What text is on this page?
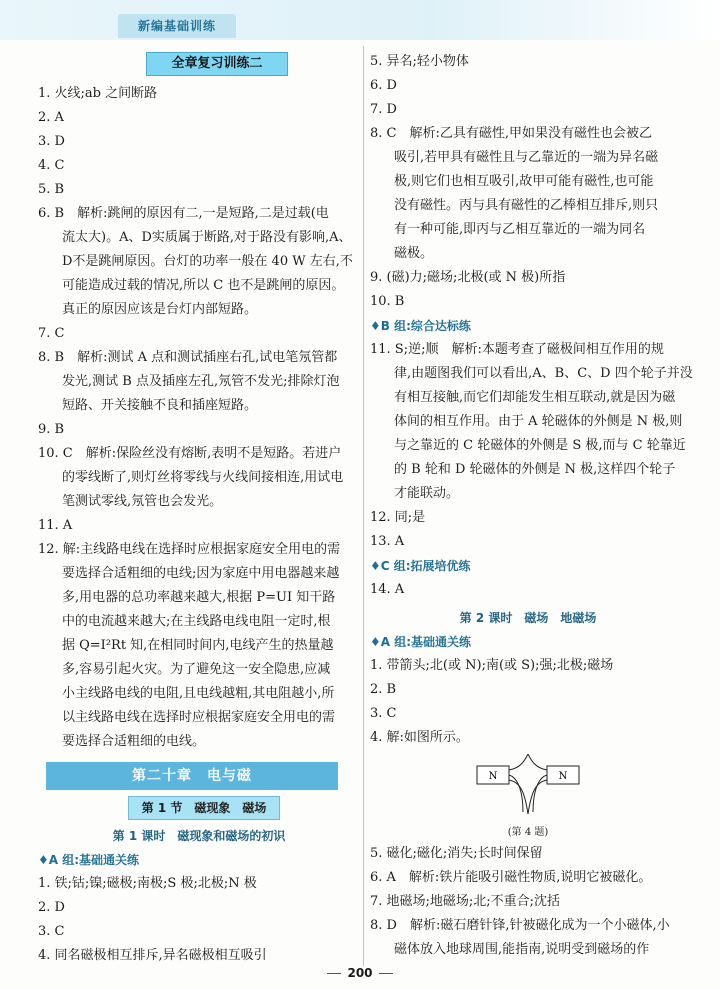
新编基础训练
全章复习训练二
1. 火线;ab 之间断路
2. A
3. D
4. C
5. B
6. B　解析:跳闸的原因有二,一是短路,二是过载(电
流太大)。A、D实质属于断路,对于路没有影响,A、
D不是跳闸原因。台灯的功率一般在 40 W 左右,不
可能造成过载的情况,所以 C 也不是跳闸的原因。
真正的原因应该是台灯内部短路。
7. C
8. B　解析:测试 A 点和测试插座右孔,试电笔氖管都
发光,测试 B 点及插座左孔,氖管不发光;排除灯泡
短路、开关接触不良和插座短路。
9. B
10. C　解析:保险丝没有熔断,表明不是短路。若进户
的零线断了,则灯丝将零线与火线间接相连,用试电
笔测试零线,氖管也会发光。
11. A
12. 解:主线路电线在选择时应根据家庭安全用电的需
要选择合适粗细的电线;因为家庭中用电器越来越
多,用电器的总功率越来越大,根据 P=UI 知干路
中的电流越来越大;在主线路电线电阻一定时,根
据 Q=I²Rt 知,在相同时间内,电线产生的热量越
多,容易引起火灾。为了避免这一安全隐患,应减
小主线路电线的电阻,且电线越粗,其电阻越小,所
以主线路电线在选择时应根据家庭安全用电的需
要选择合适粗细的电线。
第二十章　电与磁
第 1 节　磁现象　磁场
第 1 课时　磁现象和磁场的初识
♦A 组:基础通关练
1. 铁;钴;镍;磁极;南极;S 极;北极;N 极
2. D
3. C
4. 同名磁极相互排斥,异名磁极相互吸引
5. 异名;轻小物体
6. D
7. D
8. C　解析:乙具有磁性,甲如果没有磁性也会被乙
吸引,若甲具有磁性且与乙靠近的一端为异名磁
极,则它们也相互吸引,故甲可能有磁性,也可能
没有磁性。丙与具有磁性的乙棒相互排斥,则只
有一种可能,即丙与乙相互靠近的一端为同名
磁极。
9. (磁)力;磁场;北极(或 N 极)所指
10. B
♦B 组:综合达标练
11. S;逆;顺　解析:本题考查了磁极间相互作用的规
律,由题图我们可以看出,A、B、C、D 四个轮子并没
有相互接触,而它们却能发生相互联动,就是因为磁
体间的相互作用。由于 A 轮磁体的外侧是 N 极,则
与之靠近的 C 轮磁体的外侧是 S 极,而与 C 轮靠近
的 B 轮和 D 轮磁体的外侧是 N 极,这样四个轮子
才能联动。
12. 同;是
13. A
♦C 组:拓展培优练
14. A
第 2 课时　磁场　地磁场
♦A 组:基础通关练
1. 带箭头;北(或 N);南(或 S);强;北极;磁场
2. B
3. C
4. 解:如图所示。
N	N
(第 4 题)
5. 磁化;磁化;消失;长时间保留
6. A　解析:铁片能吸引磁性物质,说明它被磁化。
7. 地磁场;地磁场;北;不重合;沈括
8. D　解析:磁石磨针锋,针被磁化成为一个小磁体,小
磁体放入地球周围,能指南,说明受到磁场的作
200
